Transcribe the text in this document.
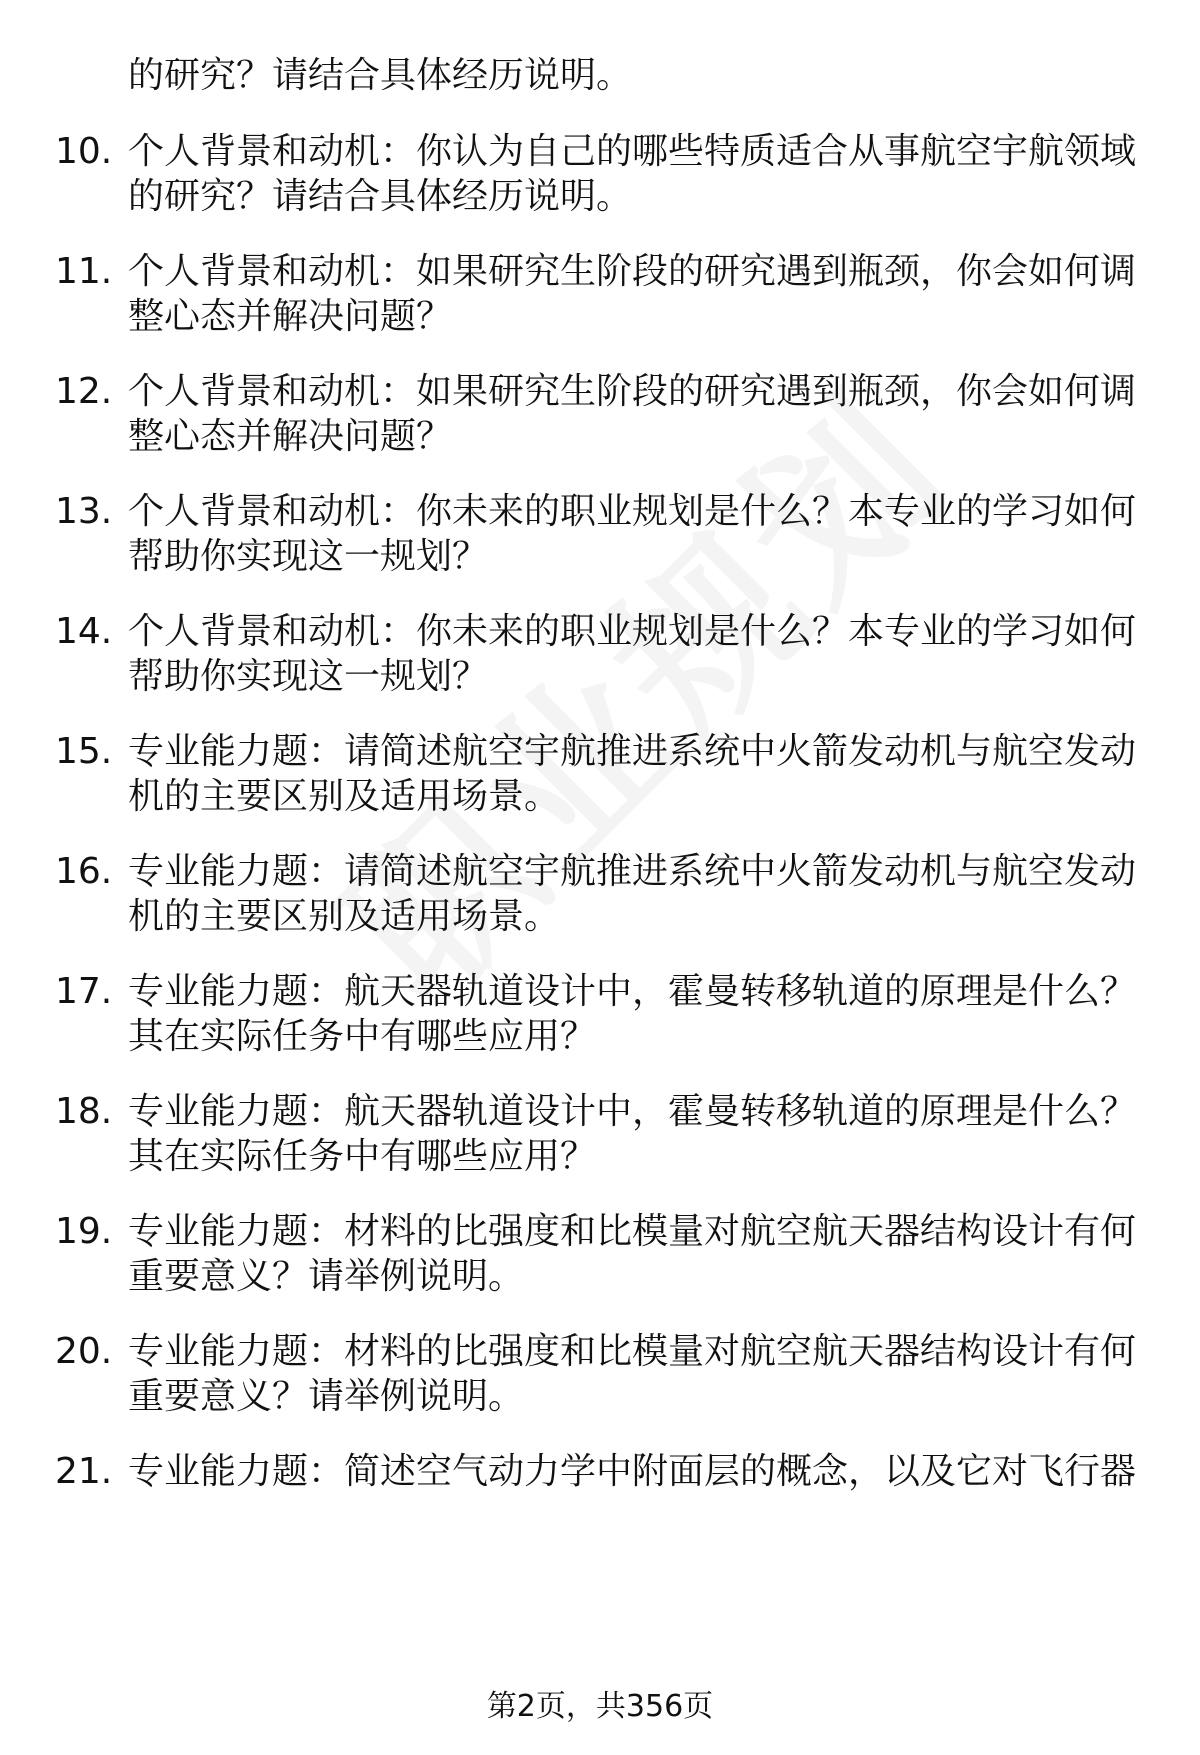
的研究？请结合具体经历说明。
10. 个人背景和动机：你认为自己的哪些特质适合从事航空宇航领域
的研究？请结合具体经历说明。
11. 个人背景和动机：如果研究生阶段的研究遇到瓶颈，你会如何调
整心态并解决问题？
12. 个人背景和动机：如果研究生阶段的研究遇到瓶颈，你会如何调
整心态并解决问题？
13. 个人背景和动机：你未来的职业规划是什么？本专业的学习如何
帮助你实现这一规划？
14. 个人背景和动机：你未来的职业规划是什么？本专业的学习如何
帮助你实现这一规划？
15. 专业能力题：请简述航空宇航推进系统中火箭发动机与航空发动
机的主要区别及适用场景。
16. 专业能力题：请简述航空宇航推进系统中火箭发动机与航空发动
机的主要区别及适用场景。
17. 专业能力题：航天器轨道设计中，霍曼转移轨道的原理是什么？
其在实际任务中有哪些应用？
18. 专业能力题：航天器轨道设计中，霍曼转移轨道的原理是什么？
其在实际任务中有哪些应用？
19. 专业能力题：材料的比强度和比模量对航空航天器结构设计有何
重要意义？请举例说明。
20. 专业能力题：材料的比强度和比模量对航空航天器结构设计有何
重要意义？请举例说明。
21. 专业能力题：简述空气动力学中附面层的概念，以及它对飞行器
第2页，共356页
